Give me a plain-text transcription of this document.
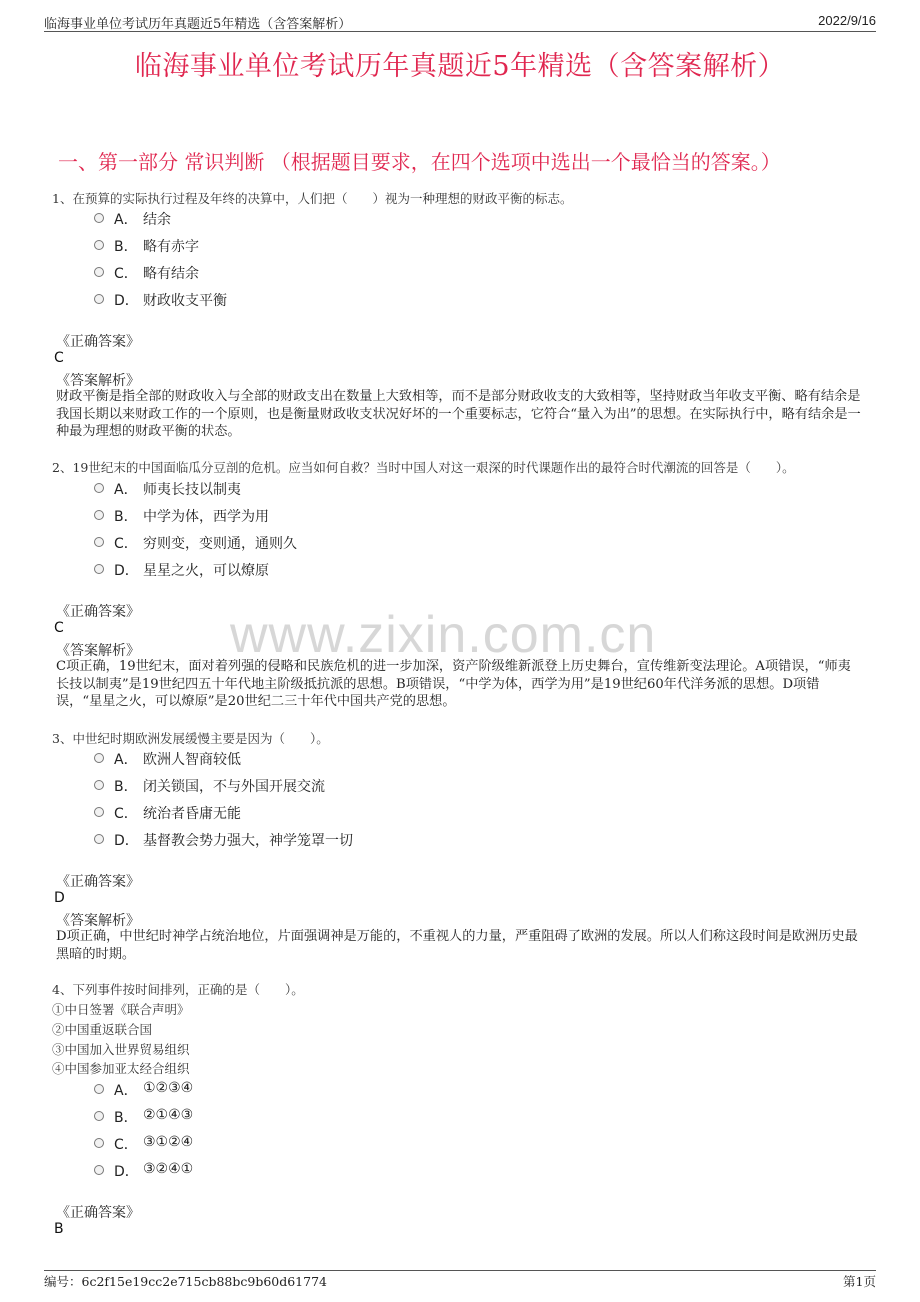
临海事业单位考试历年真题近5年精选（含答案解析）	2022/9/16
临海事业单位考试历年真题近5年精选（含答案解析）
一、第一部分 常识判断 （根据题目要求，在四个选项中选出一个最恰当的答案。）
www.zixin.com.cn
1、在预算的实际执行过程及年终的决算中，人们把（　　）视为一种理想的财政平衡的标志。
A． 结余
B． 略有赤字
C． 略有结余
D． 财政收支平衡
《正确答案》
C
《答案解析》
财政平衡是指全部的财政收入与全部的财政支出在数量上大致相等，而不是部分财政收支的大致相等，坚持财政当年收支平衡、略有结余是我国长期以来财政工作的一个原则，也是衡量财政收支状况好坏的一个重要标志，它符合“量入为出”的思想。在实际执行中，略有结余是一种最为理想的财政平衡的状态。
2、19世纪末的中国面临瓜分豆剖的危机。应当如何自救？当时中国人对这一艰深的时代课题作出的最符合时代潮流的回答是（　　）。
A． 师夷长技以制夷
B． 中学为体，西学为用
C． 穷则变，变则通，通则久
D． 星星之火，可以燎原
《正确答案》
C
《答案解析》
C项正确，19世纪末，面对着列强的侵略和民族危机的进一步加深，资产阶级维新派登上历史舞台，宣传维新变法理论。A项错误，“师夷长技以制夷”是19世纪四五十年代地主阶级抵抗派的思想。B项错误，“中学为体，西学为用”是19世纪60年代洋务派的思想。D项错误，“星星之火，可以燎原”是20世纪二三十年代中国共产党的思想。
3、中世纪时期欧洲发展缓慢主要是因为（　　）。
A． 欧洲人智商较低
B． 闭关锁国，不与外国开展交流
C． 统治者昏庸无能
D． 基督教会势力强大，神学笼罩一切
《正确答案》
D
《答案解析》
D项正确，中世纪时神学占统治地位，片面强调神是万能的，不重视人的力量，严重阻碍了欧洲的发展。所以人们称这段时间是欧洲历史最黑暗的时期。
4、下列事件按时间排列，正确的是（　　）。
①中日签署《联合声明》
②中国重返联合国
③中国加入世界贸易组织
④中国参加亚太经合组织
A． ①②③④
B． ②①④③
C． ③①②④
D． ③②④①
《正确答案》
B
编号：6c2f15e19cc2e715cb88bc9b60d61774	第1页
